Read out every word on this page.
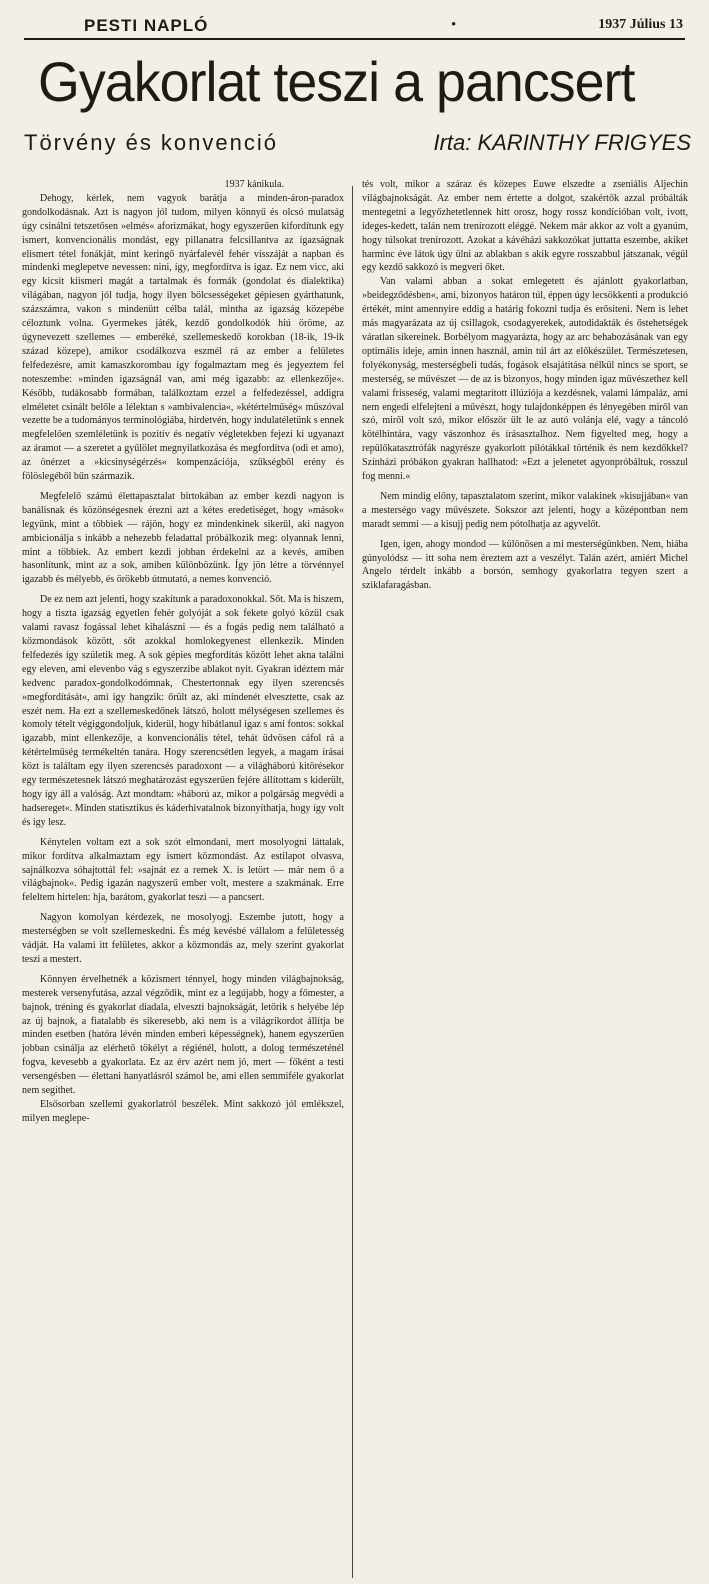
PESTI NAPLÓ	•	1937 Július 13
Gyakorlat teszi a pancsert
Törvény és konvenció	Irta: KARINTHY FRIGYES

1937 kánikula.

Dehogy, kérlek, nem vagyok barátja a minden-áron-paradox gondolkodásnak. Azt is nagyon jól tudom, milyen könnyű és olcsó mulatság úgy csinálni tetszetősen »elmés« aforizmákat, hogy egyszerűen kifordítunk egy ismert, konvencionális mondást, egy pillanatra felcsillantva az igazságnak elismert tétel fonákját, mint keringő nyárfalevél fehér visszáját a napban és mindenki meglepetve nevessen: nini, így, megfordítva is igaz. Ez nem vicc, aki egy kicsit kiismeri magát a tartalmak és formák (gondolat és dialektika) világában, nagyon jól tudja, hogy ilyen bölcsességeket gépiesen gyárthatunk, százszámra, vakon s mindenütt célba talál, mintha az igazság közepébe céloztunk volna. Gyermekes játék, kezdő gondolkodók hiú öröme, az úgynevezett szellemes — emberéké, szellemeskedő korokban (18-ik, 19-ik század közepe), amikor csodálkozva eszmél rá az ember a felületes felfedezésre, amit kamaszkorombau így fogalmaztam meg és jegyeztem fel noteszembe: »minden igazságnál van, ami még igazabb: az ellenkezője«. Később, tudákosabb formában, találkoztam ezzel a felfedezéssel, addigra elméletet csinált belőle a lélektan s »ambivalencia«, »kétértelműség« műszóval vezette be a tudományos terminológiába, hirdetvén, hogy indulatéletünk s ennek megfelelően szemléletünk is pozitív és negatív végletekben fejezi ki ugyanazt az áramot — a szeretet a gyűlölet megnyilatkozása és megfordítva (odi et amo), az önérzet a »kicsinységérzés« kompenzációja, szükségből erény és fölöslegéből bűn származik.

Megfelelő számú élettapasztalat birtokában az ember kezdi nagyon is banálisnak és közönségesnek érezni azt a kétes eredetiséget, hogy »mások« legyünk, mint a többiek — rájön, hogy ez mindenkinek sikerül, aki nagyon ambicionálja s inkább a nehezebb feladattal próbálkozik meg: olyannak lenni, mint a többiek. Az embert kezdi jobban érdekelni az a kevés, amiben hasonlítunk, mint az a sok, amiben különbözünk. Így jön létre a törvénnyel igazabb és mélyebb, és örökebb útmutató, a nemes konvenció.

De ez nem azt jelenti, hogy szakítunk a paradoxonokkal. Sőt. Ma is hiszem, hogy a tiszta igazság egyetlen fehér golyóját a sok fekete golyó közül csak valami ravasz fogással lehet kihalászni — és a fogás pedig nem található a közmondások között, sőt azokkal homlokegyenest ellenkezik. Minden felfedezés így születik meg. A sok gépies megfordítás között lehet akna találni egy eleven, ami elevenbo vág s egyszerzibe ablakot nyit. Gyakran idéztem már kedvenc paradox-gondolkodómnak, Chestertonnak egy ilyen szerencsés »megfordítását«, ami így hangzik: őrült az, aki mindenét elvesztette, csak az eszét nem. Ha ezt a szellemeskedőnek látszó, holott mélységesen szellemes és komoly tételt végiggondoljuk, kiderül, hogy hibátlanul igaz s ami fontos: sokkal igazabb, mint ellenkezője, a konvencionális tétel, tehát üdvösen cáfol rá a kétértelműség termékeltén tanára. Hogy szerencsétlen legyek, a magam írásai közt is találtam egy ilyen szerencsés paradoxont — a világháború kitörésekor egy természetesnek látszó meghatározást egyszerűen fejére állítottam s kiderült, hogy így áll a valóság. Azt mondtam: »háború az, mikor a polgárság megvédi a hadsereget«. Minden statisztikus és káderhivatalnok bizonyíthatja, hogy így volt és így lesz.

Kénytelen voltam ezt a sok szót elmondani, mert mosolyogni láttalak, mikor fordítva alkalmaztam egy ismert közmondást. Az estilapot olvasva, sajnálkozva sóhajtottál fel: »sajnát ez a remek X. is letört — már nem ő a világbajnok«. Pedig igazán nagyszerű ember volt, mestere a szakmának. Erre feleltem hirtelen: hja, barátom, gyakorlat teszi — a pancsert.

Nagyon komolyan kérdezek, ne mosolyogj. Eszembe jutott, hogy a mesterségben se volt szellemeskedni. És még kevésbé vállalom a felületesség vádját. Ha valami itt felületes, akkor a közmondás az, mely szerint gyakorlat teszi a mestert.

Könnyen érvelhetnék a közismert ténnyel, hogy minden világbajnokság, mesterek versenyfutása, azzal végződik, mint ez a legújabb, hogy a főmester, a bajnok, tréning és gyakorlat diadala, elveszti bajnokságát, letörik s helyébe lép az új bajnok, a fiatalabb és sikeresebb, aki nem is a világrikordot állítja be minden esetben (hatóra lévén minden emberi képességnek), hanem egyszerűen jobban csinálja az elérhető tökélyt a régiénél, holott, a dolog természeténél fogva, kevesebb a gyakorlata. Ez az érv azért nem jó, mert — főként a testi versengésben — élettani hanyatlásról számol be, ami ellen semmiféle gyakorlat nem segíthet.

Elsősorban szellemi gyakorlatról beszélek. Mint sakkozó jól emlékszel, milyen meglepe-

tés volt, mikor a száraz és közepes Euwe elszedte a zseniális Aljechin világbajnokságát. Az ember nem értette a dolgot, szakértők azzal próbálták mentegetni a legyőzhetetlennek hitt orosz, hogy rossz kondícióban volt, ivott, ideges-kedett, talán nem trenírozott eléggé. Nekem már akkor az volt a gyanúm, hogy túlsokat trenírozott. Azokat a kávéházi sakkozókat juttatta eszembe, akiket harminc éve látok úgy ülni az ablakban s akik egyre rosszabbul játszanak, végül egy kezdő sakkozó is megveri őket.

Van valami abban a sokat emlegetett és ajánlott gyakorlatban, »beidegződésben«, ami, bizonyos határon túl, éppen úgy lecsökkenti a produkció értékét, mint amennyire eddig a határig fokozni tudja és erősíteni. Nem is lehet más magyarázata az új csillagok, csodagyerekek, autodidakták és őstehetségek váratlan sikereinek. Borbélyom magyarázta, hogy az arc behabozásának van egy optimális ideje, amin innen használ, amin túl árt az előkészület. Természetesen, folyékonyság, mesterségbeli tudás, fogások elsajátítása nélkül nincs se sport, se mesterség, se művészet — de az is bizonyos, hogy minden igaz művészethez kell valami frisseség, valami megtarított illúziója a kezdésnek, valami lámpaláz, ami nem engedi elfelejteni a művészt, hogy tulajdonképpen és lényegében miről van szó, miről volt szó, mikor először ült le az autó volánja elé, vagy a táncoló kötélhintára, vagy vászonhoz és írásasztalhoz. Nem figyelted meg, hogy a repülőkatasztrófák nagyrésze gyakorlott pilótákkal történik és nem kezdőkkel? Színházi próbákon gyakran hallhatod: »Ezt a jelenetet agyonpróbáltuk, rosszul fog menni.«

Nem mindig előny, tapasztalatom szerint, mikor valakinek »kisujjában« van a mesterségo vagy művészete. Sokszor azt jelenti, hogy a középontban nem maradt semmi — a kisujj pedig nem pótolhatja az agyvelőt.

Igen, igen, ahogy mondod — különösen a mi mesterségünkben. Nem, hiába gúnyolódsz — itt soha nem éreztem azt a veszélyt. Talán azért, amiért Michel Angelo térdelt inkább a borsón, semhogy gyakorlatra tegyen szert a sziklafaragásban.
